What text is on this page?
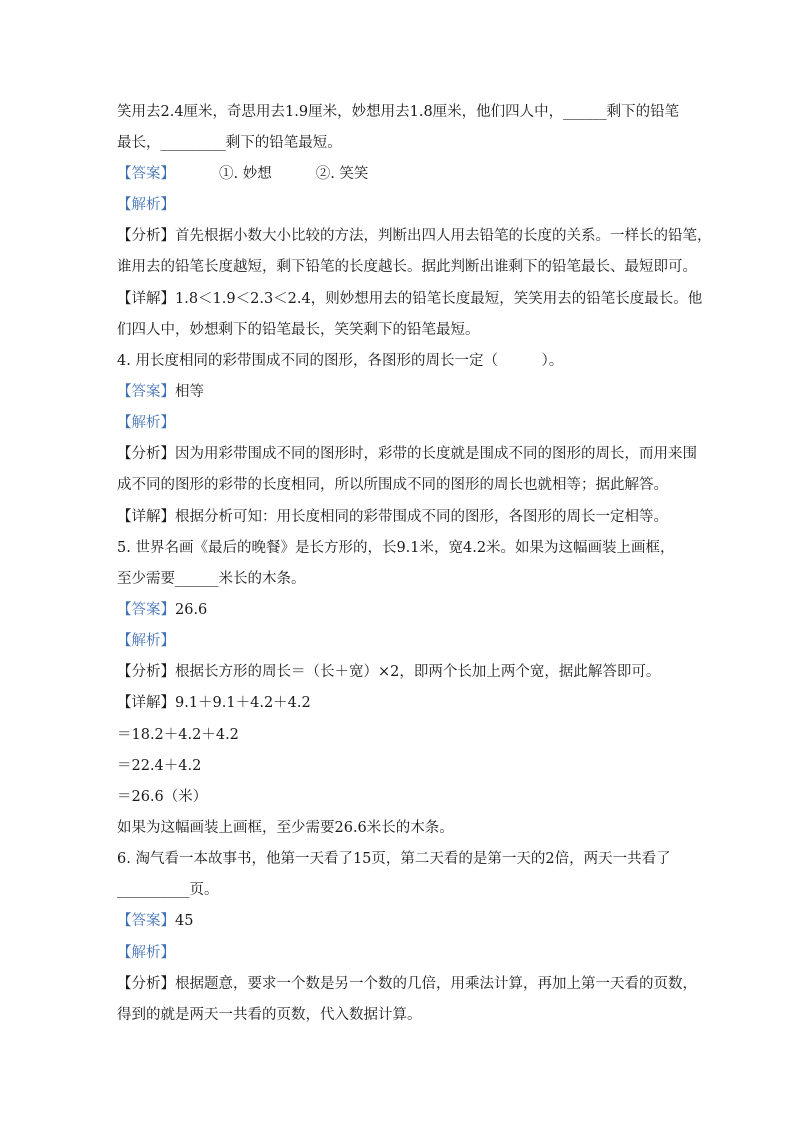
笑用去2.4厘米，奇思用去1.9厘米，妙想用去1.8厘米，他们四人中，______剩下的铅笔
最长，_________剩下的铅笔最短。
【答案】	①. 妙想	②. 笑笑
【解析】
【分析】首先根据小数大小比较的方法，判断出四人用去铅笔的长度的关系。一样长的铅笔，
谁用去的铅笔长度越短，剩下铅笔的长度越长。据此判断出谁剩下的铅笔最长、最短即可。
【详解】1.8＜1.9＜2.3＜2.4，则妙想用去的铅笔长度最短，笑笑用去的铅笔长度最长。他
们四人中，妙想剩下的铅笔最长，笑笑剩下的铅笔最短。
4. 用长度相同的彩带围成不同的图形，各图形的周长一定（　　　）。
【答案】相等
【解析】
【分析】因为用彩带围成不同的图形时，彩带的长度就是围成不同的图形的周长，而用来围
成不同的图形的彩带的长度相同，所以所围成不同的图形的周长也就相等；据此解答。
【详解】根据分析可知：用长度相同的彩带围成不同的图形，各图形的周长一定相等。
5. 世界名画《最后的晚餐》是长方形的，长9.1米，宽4.2米。如果为这幅画装上画框，
至少需要______米长的木条。
【答案】26.6
【解析】
【分析】根据长方形的周长＝（长＋宽）×2，即两个长加上两个宽，据此解答即可。
【详解】9.1＋9.1＋4.2＋4.2
＝18.2＋4.2＋4.2
＝22.4＋4.2
＝26.6（米）
如果为这幅画装上画框，至少需要26.6米长的木条。
6. 淘气看一本故事书，他第一天看了15页，第二天看的是第一天的2倍，两天一共看了
__________页。
【答案】45
【解析】
【分析】根据题意，要求一个数是另一个数的几倍，用乘法计算，再加上第一天看的页数，
得到的就是两天一共看的页数，代入数据计算。
